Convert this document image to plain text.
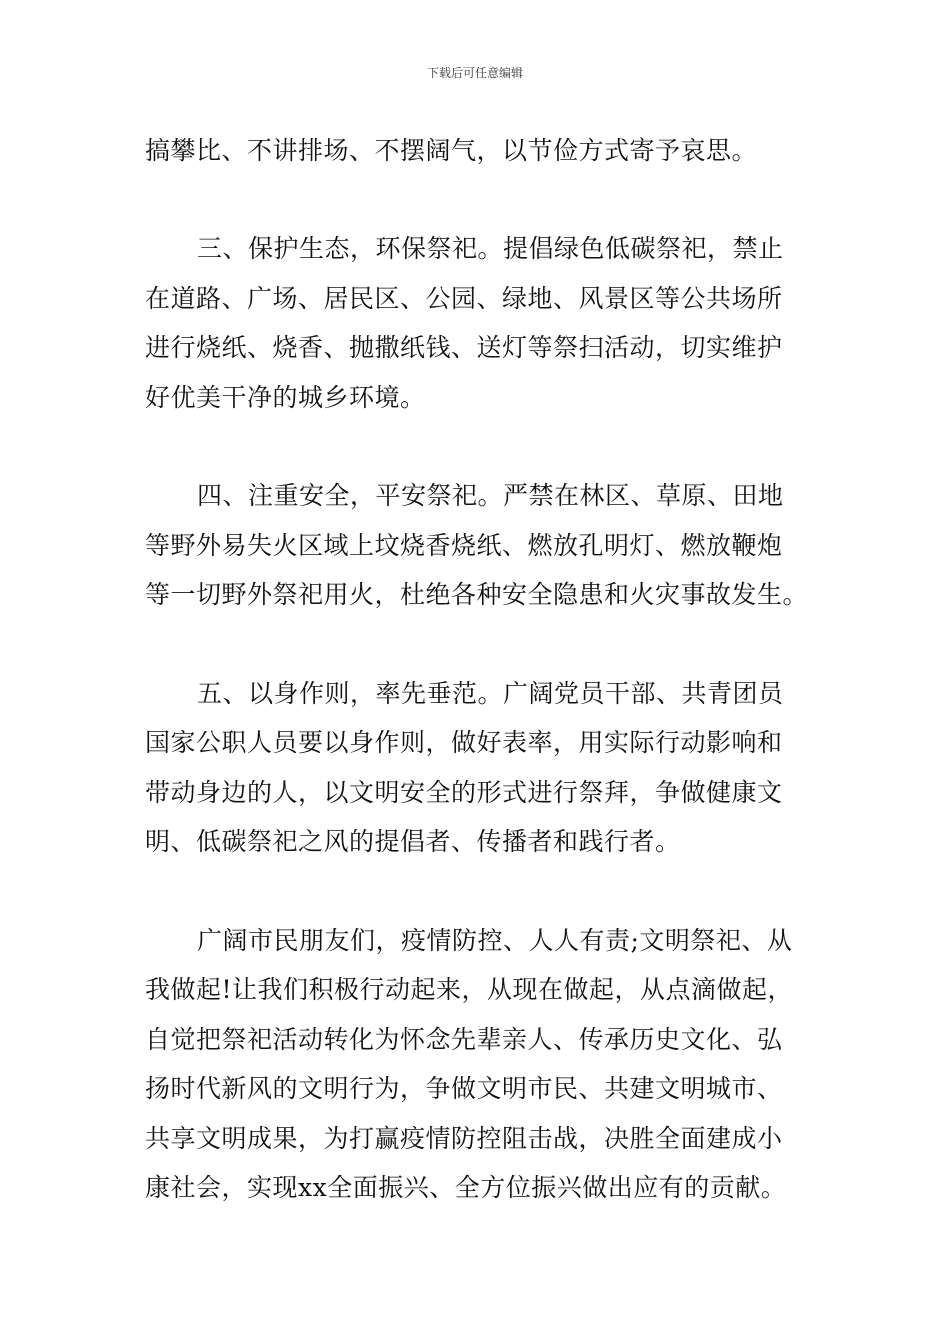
下载后可任意编辑
搞攀比、不讲排场、不摆阔气，以节俭方式寄予哀思。
三、保护生态，环保祭祀。提倡绿色低碳祭祀，禁止
在道路、广场、居民区、公园、绿地、风景区等公共场所
进行烧纸、烧香、抛撒纸钱、送灯等祭扫活动，切实维护
好优美干净的城乡环境。
四、注重安全，平安祭祀。严禁在林区、草原、田地
等野外易失火区域上坟烧香烧纸、燃放孔明灯、燃放鞭炮
等一切野外祭祀用火，杜绝各种安全隐患和火灾事故发生。
五、以身作则，率先垂范。广阔党员干部、共青团员
国家公职人员要以身作则，做好表率，用实际行动影响和
带动身边的人，以文明安全的形式进行祭拜，争做健康文
明、低碳祭祀之风的提倡者、传播者和践行者。
广阔市民朋友们，疫情防控、人人有责;文明祭祀、从
我做起!让我们积极行动起来，从现在做起，从点滴做起，
自觉把祭祀活动转化为怀念先辈亲人、传承历史文化、弘
扬时代新风的文明行为，争做文明市民、共建文明城市、
共享文明成果，为打赢疫情防控阻击战，决胜全面建成小
康社会，实现xx全面振兴、全方位振兴做出应有的贡献。
